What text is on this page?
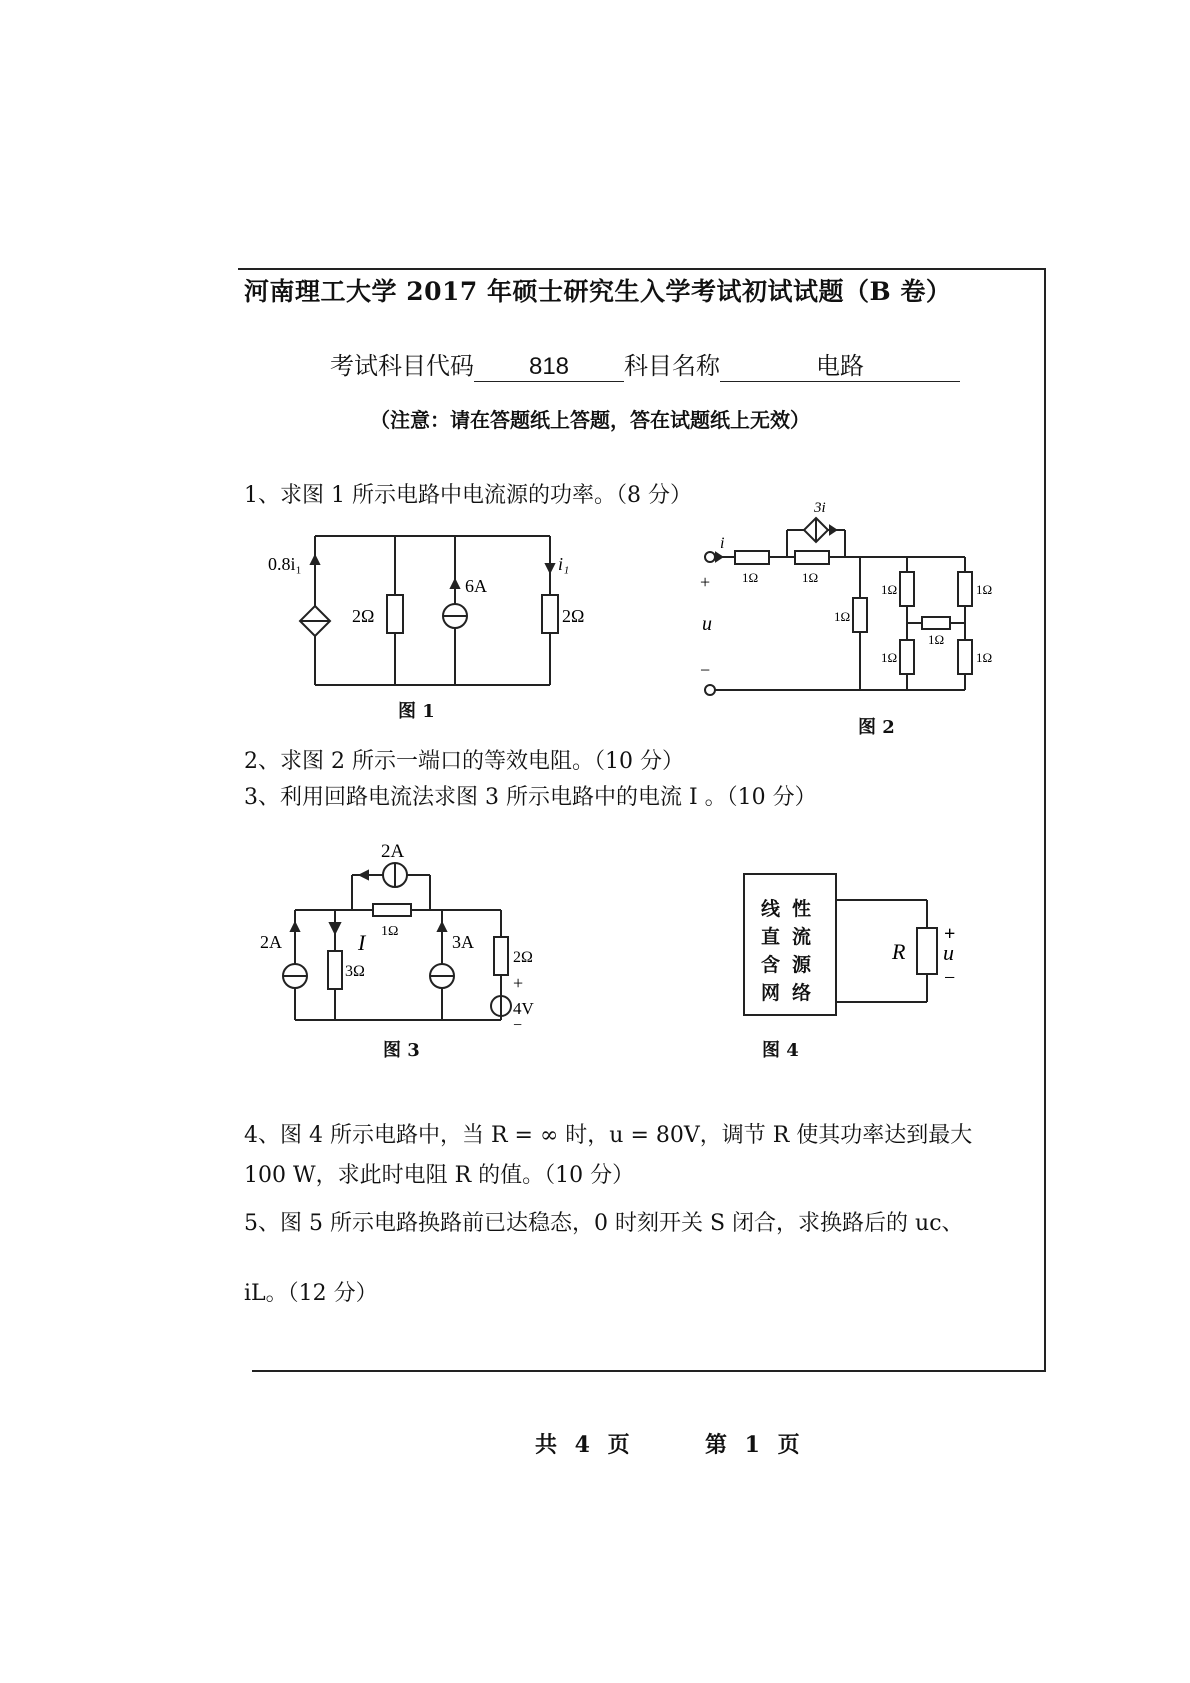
河南理工大学 2017 年硕士研究生入学考试初试试题（B 卷）
考试科目代码 818 科目名称	电路
（注意：请在答题纸上答题，答在试题纸上无效）
1、求图 1 所示电路中电流源的功率。（8 分）
0.8i₁
2Ω
6A
i₁
2Ω
图 1
i
3i
+
u
−
1Ω	1Ω
1Ω
1Ω
1Ω
1Ω
1Ω
1Ω
图 2
2、求图 2 所示一端口的等效电阻。（10 分）
3、利用回路电流法求图 3 所示电路中的电流 I 。（10 分）
2A
2A	I
3Ω
1Ω
3A
2Ω
+
4V
−
图 3
线性直流含源网络
R
+
u
−
图 4
4、图 4 所示电路中，当 R = ∞ 时，u = 80V，调节 R 使其功率达到最大
100 W，求此时电阻 R 的值。（10 分）
5、图 5 所示电路换路前已达稳态，0 时刻开关 S 闭合，求换路后的 uc、
iL。（12 分）
共 4 页	第 1 页
